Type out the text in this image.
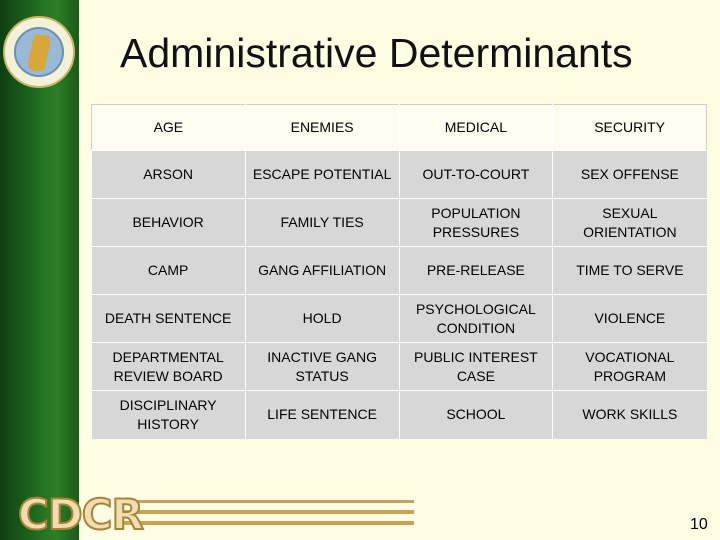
Administrative Determinants
AGE	ENEMIES	MEDICAL	SECURITY
ARSON	ESCAPE POTENTIAL	OUT-TO-COURT	SEX OFFENSE
BEHAVIOR	FAMILY TIES	POPULATION PRESSURES	SEXUAL ORIENTATION
CAMP	GANG AFFILIATION	PRE-RELEASE	TIME TO SERVE
DEATH SENTENCE	HOLD	PSYCHOLOGICAL CONDITION	VIOLENCE
DEPARTMENTAL REVIEW BOARD	INACTIVE GANG STATUS	PUBLIC INTEREST CASE	VOCATIONAL PROGRAM
DISCIPLINARY HISTORY	LIFE SENTENCE	SCHOOL	WORK SKILLS
CDCR	10
